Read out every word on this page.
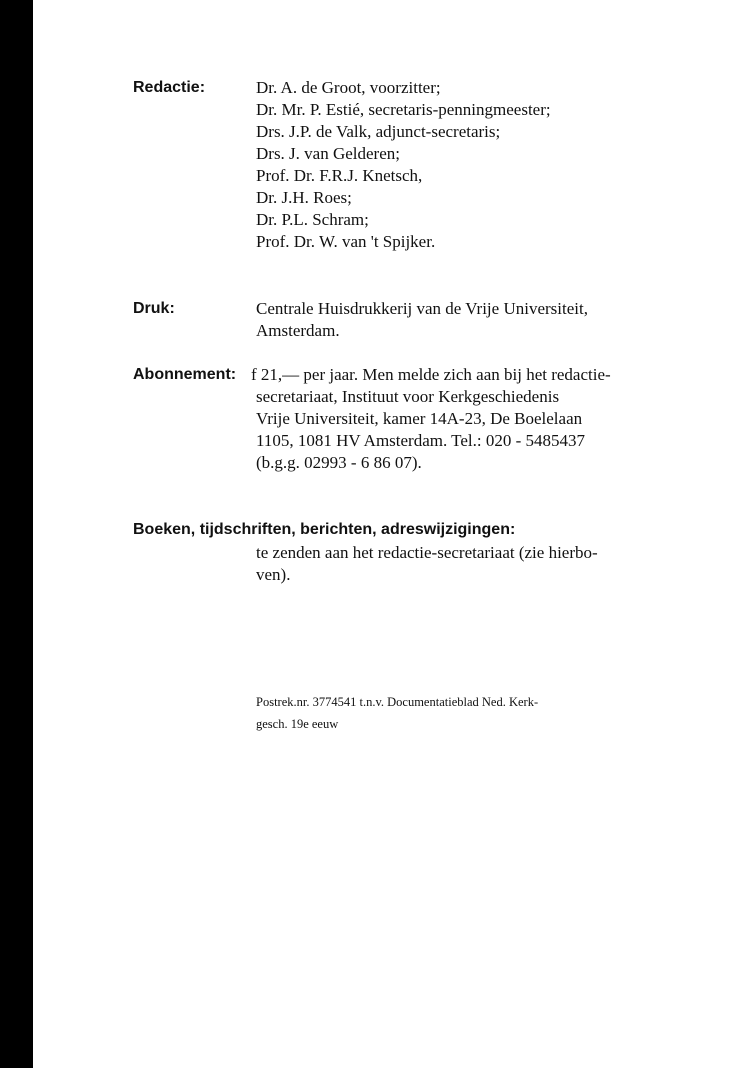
Redactie:	Dr. A. de Groot, voorzitter;
Dr. Mr. P. Estié, secretaris-penningmeester;
Drs. J.P. de Valk, adjunct-secretaris;
Drs. J. van Gelderen;
Prof. Dr. F.R.J. Knetsch,
Dr. J.H. Roes;
Dr. P.L. Schram;
Prof. Dr. W. van 't Spijker.
Druk:	Centrale Huisdrukkerij van de Vrije Universiteit,
Amsterdam.
Abonnement: f 21,— per jaar. Men melde zich aan bij het redactie-
secretariaat, Instituut voor Kerkgeschiedenis
Vrije Universiteit, kamer 14A-23, De Boelelaan
1105, 1081 HV Amsterdam. Tel.: 020 - 5485437
(b.g.g. 02993 - 6 86 07).
Boeken, tijdschriften, berichten, adreswijzigingen:
te zenden aan het redactie-secretariaat (zie hierbo-
ven).
Postrek.nr. 3774541 t.n.v. Documentatieblad Ned. Kerk-
gesch. 19e eeuw
